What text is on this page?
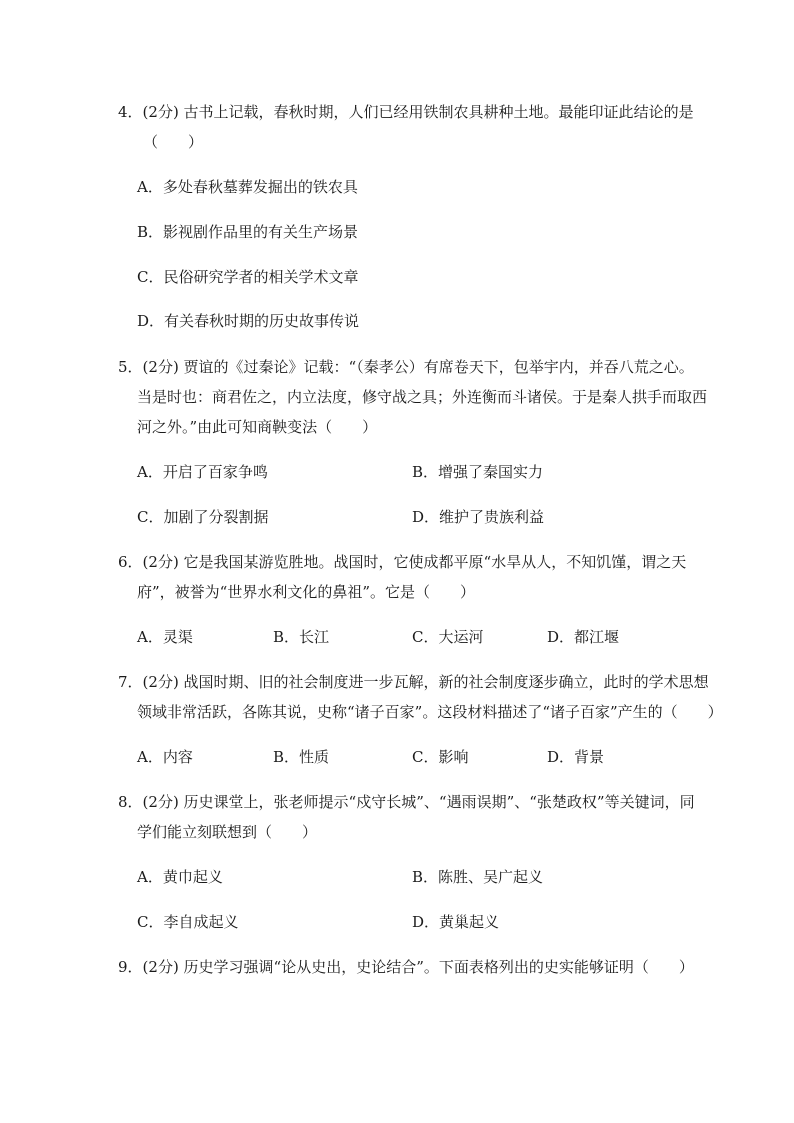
4．(2分) 古书上记载，春秋时期，人们已经用铁制农具耕种土地。最能印证此结论的是
（　　）
A．多处春秋墓葬发掘出的铁农具
B．影视剧作品里的有关生产场景
C．民俗研究学者的相关学术文章
D．有关春秋时期的历史故事传说
5．(2分) 贾谊的《过秦论》记载：“（秦孝公）有席卷天下，包举宇内，并吞八荒之心。
当是时也：商君佐之，内立法度，修守战之具；外连衡而斗诸侯。于是秦人拱手而取西
河之外。”由此可知商鞅变法（　　）
A．开启了百家争鸣	B．增强了秦国实力
C．加剧了分裂割据	D．维护了贵族利益
6．(2分) 它是我国某游览胜地。战国时，它使成都平原“水旱从人，不知饥馑，谓之天
府”，被誉为“世界水利文化的鼻祖”。它是（　　）
A．灵渠	B．长江	C．大运河	D．都江堰
7．(2分) 战国时期、旧的社会制度进一步瓦解，新的社会制度逐步确立，此时的学术思想
领域非常活跃，各陈其说，史称“诸子百家”。这段材料描述了“诸子百家”产生的（　　）
A．内容	B．性质	C．影响	D．背景
8．(2分) 历史课堂上，张老师提示“戍守长城”、“遇雨误期”、“张楚政权”等关键词，同
学们能立刻联想到（　　）
A．黄巾起义	B．陈胜、吴广起义
C．李自成起义	D．黄巢起义
9．(2分) 历史学习强调“论从史出，史论结合”。下面表格列出的史实能够证明（　　）
